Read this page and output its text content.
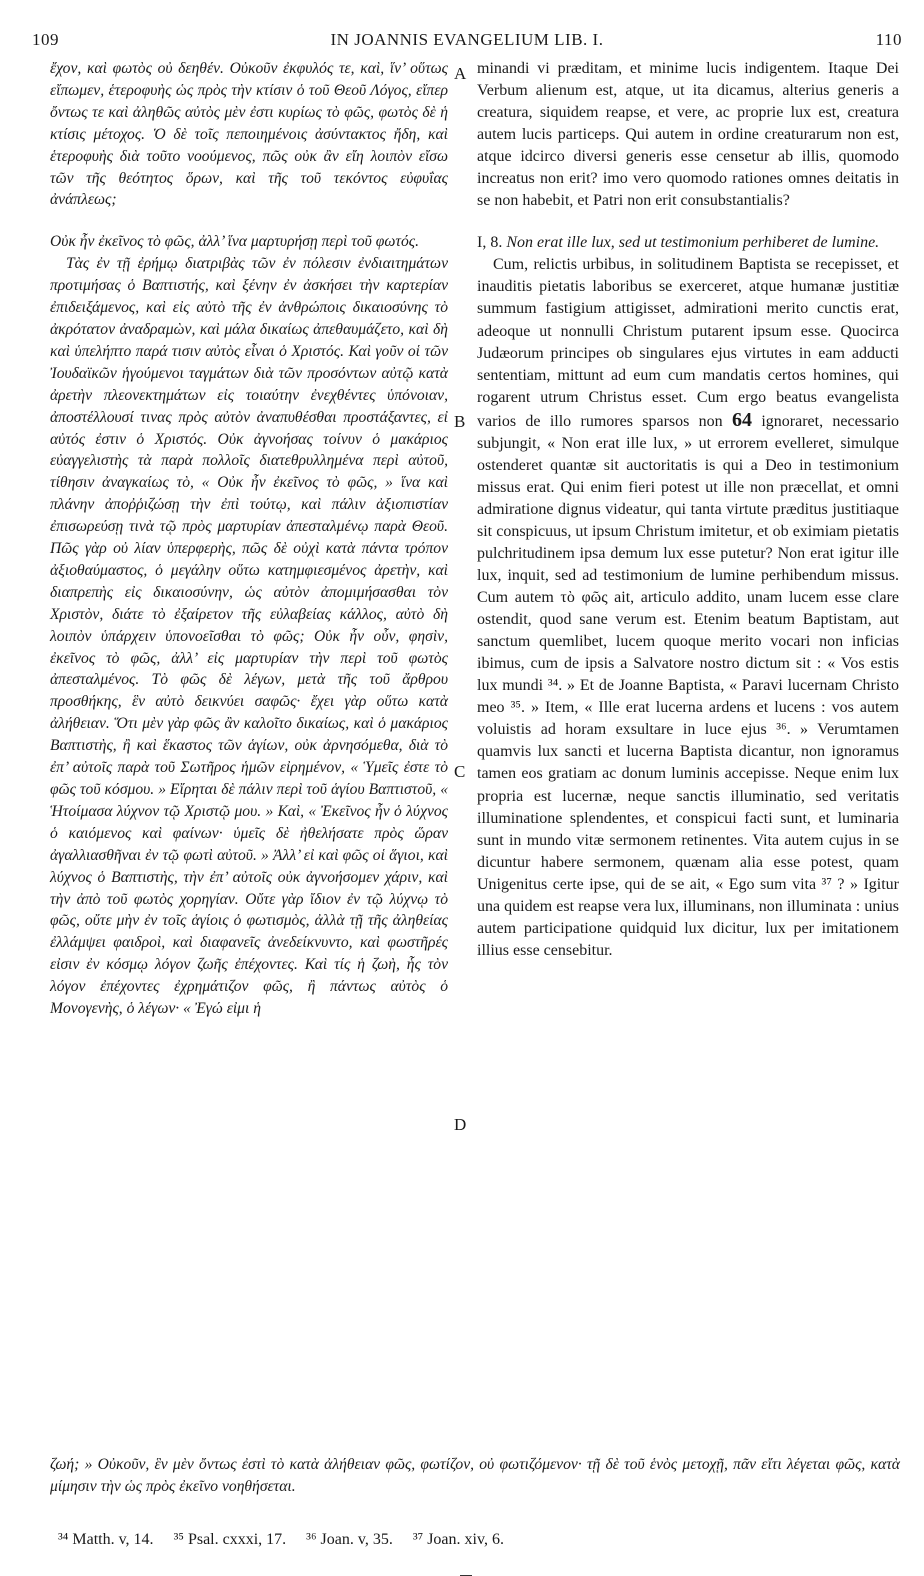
109	IN JOANNIS EVANGELIUM LIB. I.	110

ἔχον, καὶ φωτὸς οὐ δεηθέν. Οὐκοῦν ἐκφυλός τε, καὶ, ἵν’ οὕτως εἴπωμεν, ἑτεροφυὴς ὡς πρὸς τὴν κτίσιν ὁ τοῦ Θεοῦ Λόγος, εἴπερ ὄντως τε καὶ ἀληθῶς αὐτὸς μὲν ἐστι κυρίως τὸ φῶς, φωτὸς δὲ ἡ κτίσις μέτοχος. Ὁ δὲ τοῖς πεποιημένοις ἀσύντακτος ἤδη, καὶ ἑτεροφυὴς διὰ τοῦτο νοούμενος, πῶς οὐκ ἂν εἴη λοιπὸν εἴσω τῶν τῆς θεότητος ὅρων, καὶ τῆς τοῦ τεκόντος εὐφυΐας ἀνάπλεως;

Οὐκ ἦν ἐκεῖνος τὸ φῶς, ἀλλ’ ἵνα μαρτυρήσῃ περὶ τοῦ φωτός.

Τὰς ἐν τῇ ἐρήμῳ διατριβὰς τῶν ἐν πόλεσιν ἐνδιαιτημάτων προτιμήσας ὁ Βαπτιστής, καὶ ξένην ἐν ἀσκήσει τὴν καρτερίαν ἐπιδειξάμενος, καὶ εἰς αὐτὸ τῆς ἐν ἀνθρώποις δικαιοσύνης τὸ ἀκρότατον ἀναδραμὼν, καὶ μάλα δικαίως ἀπεθαυμάζετο, καὶ δὴ καὶ ὑπελήπτο παρά τισιν αὐτὸς εἶναι ὁ Χριστός. Καὶ γοῦν οἱ τῶν Ἰουδαϊκῶν ἡγούμενοι ταγμάτων διὰ τῶν προσόντων αὐτῷ κατὰ ἀρετὴν πλεονεκτημάτων εἰς τοιαύτην ἐνεχθέντες ὑπόνοιαν, ἀποστέλλουσί τινας πρὸς αὐτὸν ἀναπυθέσθαι προστάξαντες, εἰ αὐτός ἐστιν ὁ Χριστός. Οὐκ ἀγνοήσας τοίνυν ὁ μακάριος εὐαγγελιστὴς τὰ παρὰ πολλοῖς διατεθρυλλημένα περὶ αὐτοῦ, τίθησιν ἀναγκαίως τὸ, « Οὐκ ἦν ἐκεῖνος τὸ φῶς, » ἵνα καὶ πλάνην ἀποῤῥιζώσῃ τὴν ἐπὶ τούτῳ, καὶ πάλιν ἀξιοπιστίαν ἐπισωρεύσῃ τινὰ τῷ πρὸς μαρτυρίαν ἀπεσταλμένῳ παρὰ Θεοῦ. Πῶς γὰρ οὐ λίαν ὑπερφερὴς, πῶς δὲ οὐχὶ κατὰ πάντα τρόπον ἀξιοθαύμαστος, ὁ μεγάλην οὕτω κατημφιεσμένος ἀρετὴν, καὶ διαπρεπὴς εἰς δικαιοσύνην, ὡς αὐτὸν ἀπομιμήσασθαι τὸν Χριστὸν, διάτε τὸ ἐξαίρετον τῆς εὐλαβείας κάλλος, αὐτὸ δὴ λοιπὸν ὑπάρχειν ὑπονοεῖσθαι τὸ φῶς; Οὐκ ἦν οὖν, φησὶν, ἐκεῖνος τὸ φῶς, ἀλλ’ εἰς μαρτυρίαν τὴν περὶ τοῦ φωτὸς ἀπεσταλμένος. Τὸ φῶς δὲ λέγων, μετὰ τῆς τοῦ ἄρθρου προσθήκης, ἓν αὐτὸ δεικνύει σαφῶς· ἔχει γὰρ οὕτω κατὰ ἀλήθειαν. Ὅτι μὲν γὰρ φῶς ἂν καλοῖτο δικαίως, καὶ ὁ μακάριος Βαπτιστὴς, ἢ καὶ ἕκαστος τῶν ἁγίων, οὐκ ἀρνησόμεθα, διὰ τὸ ἐπ’ αὐτοῖς παρὰ τοῦ Σωτῆρος ἡμῶν εἰρημένον, « Ὑμεῖς ἐστε τὸ φῶς τοῦ κόσμου. » Εἴρηται δὲ πάλιν περὶ τοῦ ἁγίου Βαπτιστοῦ, « Ἡτοίμασα λύχνον τῷ Χριστῷ μου. » Καὶ, « Ἐκεῖνος ἦν ὁ λύχνος ὁ καιόμενος καὶ φαίνων· ὑμεῖς δὲ ἠθελήσατε πρὸς ὥραν ἀγαλλιασθῆναι ἐν τῷ φωτὶ αὐτοῦ. » Ἀλλ’ εἰ καὶ φῶς οἱ ἅγιοι, καὶ λύχνος ὁ Βαπτιστὴς, τὴν ἐπ’ αὐτοῖς οὐκ ἀγνοήσομεν χάριν, καὶ τὴν ἀπὸ τοῦ φωτὸς χορηγίαν. Οὔτε γὰρ ἴδιον ἐν τῷ λύχνῳ τὸ φῶς, οὔτε μὴν ἐν τοῖς ἁγίοις ὁ φωτισμὸς, ἀλλὰ τῇ τῆς ἀληθείας ἐλλάμψει φαιδροὶ, καὶ διαφανεῖς ἀνεδείκνυντο, καὶ φωστῆρές εἰσιν ἐν κόσμῳ λόγον ζωῆς ἐπέχοντες. Καὶ τίς ἡ ζωὴ, ἧς τὸν λόγον ἐπέχοντες ἐχρημάτιζον φῶς, ἢ πάντως αὐτὸς ὁ Μονογενὴς, ὁ λέγων· « Ἐγώ εἰμι ἡ

minandi vi præditam, et minime lucis indigentem. Itaque Dei Verbum alienum est, atque, ut ita dicamus, alterius generis a creatura, siquidem reapse, et vere, ac proprie lux est, creatura autem lucis particeps. Qui autem in ordine creaturarum non est, atque idcirco diversi generis esse censetur ab illis, quomodo increatus non erit? imo vero quomodo rationes omnes deitatis in se non habebit, et Patri non erit consubstantialis?

I, 8. Non erat ille lux, sed ut testimonium perhiberet de lumine.

Cum, relictis urbibus, in solitudinem Baptista se recepisset, et inauditis pietatis laboribus se exerceret, atque humanæ justitiæ summum fastigium attigisset, admirationi merito cunctis erat, adeoque ut nonnulli Christum putarent ipsum esse. Quocirca Judæorum principes ob singulares ejus virtutes in eam adducti sententiam, mittunt ad eum cum mandatis certos homines, qui rogarent utrum Christus esset. Cum ergo beatus evangelista varios de illo rumores sparsos non 64 ignoraret, necessario subjungit, « Non erat ille lux, » ut errorem evelleret, simulque ostenderet quantæ sit auctoritatis is qui a Deo in testimonium missus erat. Qui enim fieri potest ut ille non præcellat, et omni admiratione dignus videatur, qui tanta virtute præditus justitiaque sit conspicuus, ut ipsum Christum imitetur, et ob eximiam pietatis pulchritudinem ipsa demum lux esse putetur? Non erat igitur ille lux, inquit, sed ad testimonium de lumine perhibendum missus. Cum autem τὸ φῶς ait, articulo addito, unam lucem esse clare ostendit, quod sane verum est. Etenim beatum Baptistam, aut sanctum quemlibet, lucem quoque merito vocari non inficias ibimus, cum de ipsis a Salvatore nostro dictum sit : « Vos estis lux mundi ³⁴. » Et de Joanne Baptista, « Paravi lucernam Christo meo ³⁵. » Item, « Ille erat lucerna ardens et lucens : vos autem voluistis ad horam exsultare in luce ejus ³⁶. » Verumtamen quamvis lux sancti et lucerna Baptista dicantur, non ignoramus tamen eos gratiam ac donum luminis accepisse. Neque enim lux propria est lucernæ, neque sanctis illuminatio, sed veritatis illuminatione splendentes, et conspicui facti sunt, et luminaria sunt in mundo vitæ sermonem retinentes. Vita autem cujus in se dicuntur habere sermonem, quænam alia esse potest, quam Unigenitus certe ipse, qui de se ait, « Ego sum vita ³⁷ ? » Igitur una quidem est reapse vera lux, illuminans, non illuminata : unius autem participatione quidquid lux dicitur, lux per imitationem illius esse censebitur.

A
B
C
D

ζωή; » Οὐκοῦν, ἓν μὲν ὄντως ἐστὶ τὸ κατὰ ἀλήθειαν φῶς, φωτίζον, οὐ φωτιζόμενον· τῇ δὲ τοῦ ἑνὸς μετοχῇ, πᾶν εἴτι λέγεται φῶς, κατὰ μίμησιν τὴν ὡς πρὸς ἐκεῖνο νοηθήσεται.

³⁴ Matth. v, 14. ³⁵ Psal. cxxxi, 17. ³⁶ Joan. v, 35. ³⁷ Joan. xiv, 6.
